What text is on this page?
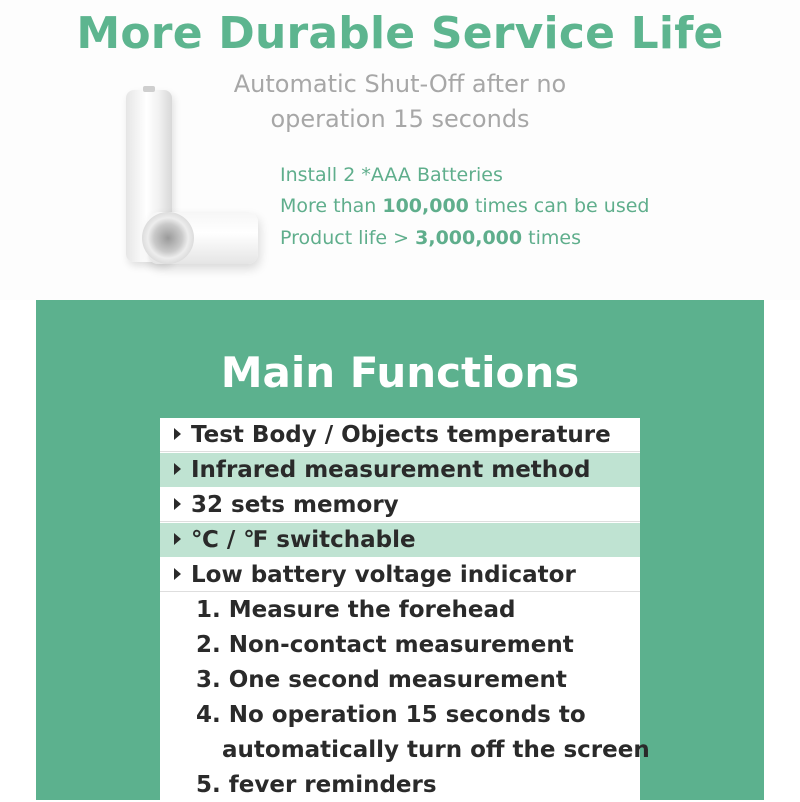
More Durable Service Life
Automatic Shut-Off after no
operation 15 seconds
Install 2 *AAA Batteries
More than 100,000 times can be used
Product life > 3,000,000 times
Main Functions
Test Body / Objects temperature
Infrared measurement method
32 sets memory
℃ / ℉ switchable
Low battery voltage indicator
1. Measure the forehead
2. Non-contact measurement
3. One second measurement
4. No operation 15 seconds to
automatically turn off the screen
5. fever reminders
